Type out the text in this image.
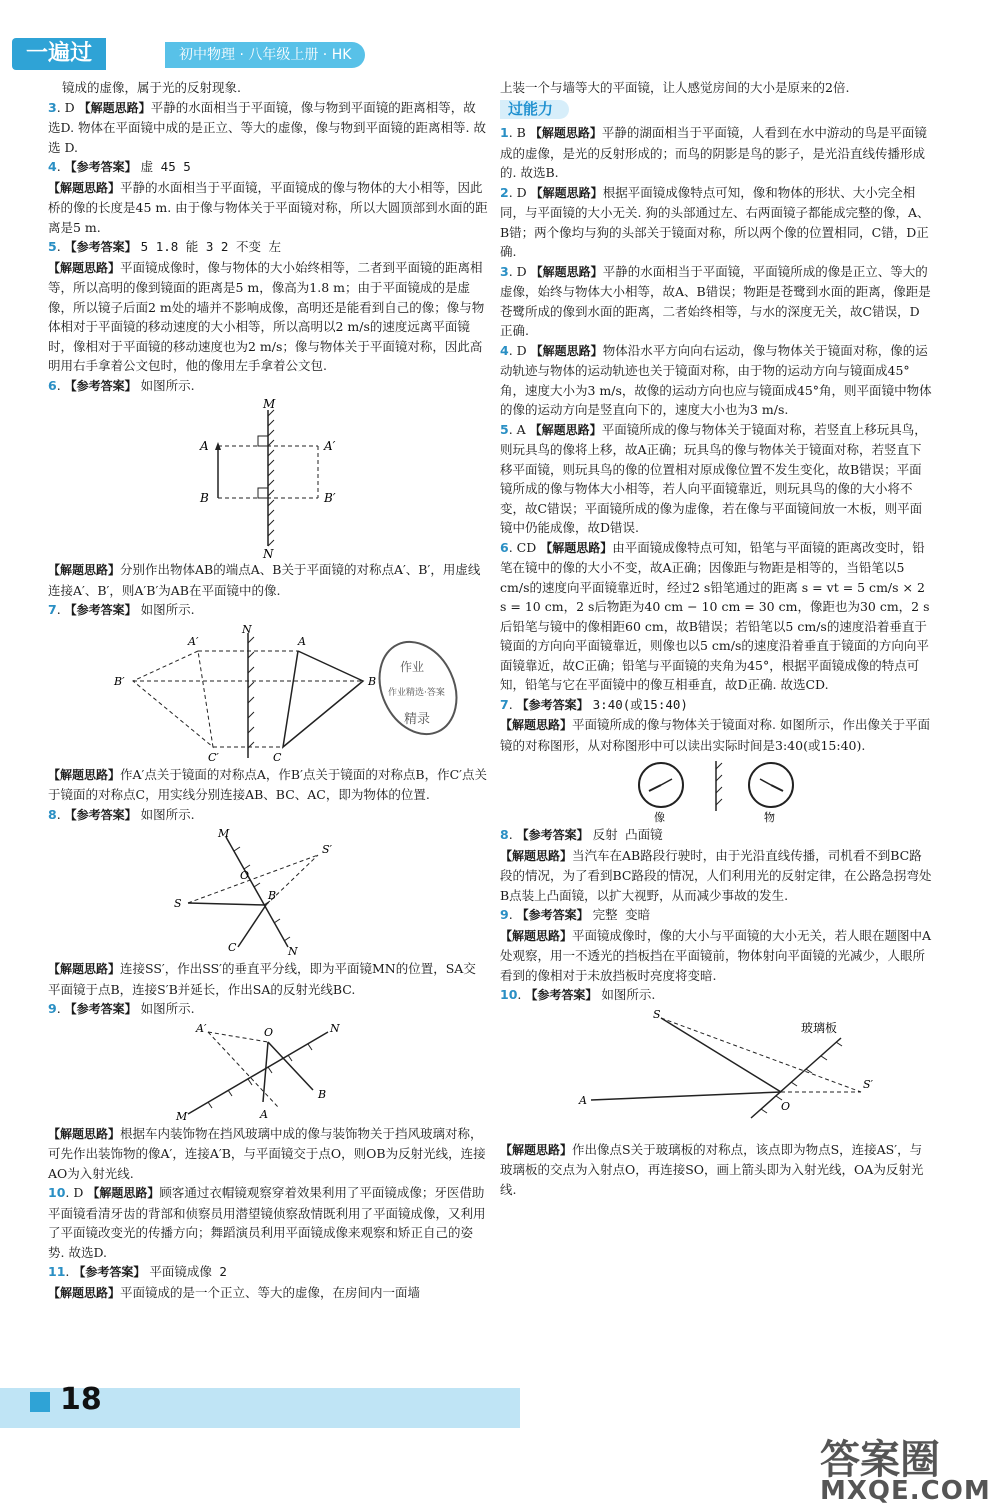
一遍过	初中物理 · 八年级上册 · HK

镜成的虚像，属于光的反射现象.

3. D 【解题思路】平静的水面相当于平面镜，像与物到平面镜的距离相等，故选D. 物体在平面镜中成的是正立、等大的虚像，像与物到平面镜的距离相等. 故选 D.

4. 【参考答案】 虚 45 5

【解题思路】平静的水面相当于平面镜，平面镜成的像与物体的大小相等，因此桥的像的长度是45 m. 由于像与物体关于平面镜对称，所以大圆顶部到水面的距离是5 m.

5. 【参考答案】 5 1.8 能 3 2 不变 左

【解题思路】平面镜成像时，像与物体的大小始终相等，二者到平面镜的距离相等，所以高明的像到镜面的距离是5 m，像高为1.8 m；由于平面镜成的是虚像，所以镜子后面2 m处的墙并不影响成像，高明还是能看到自己的像；像与物体相对于平面镜的移动速度的大小相等，所以高明以2 m/s的速度远离平面镜时，像相对于平面镜的移动速度也为2 m/s；像与物体关于平面镜对称，因此高明用右手拿着公文包时，他的像用左手拿着公文包.

6. 【参考答案】 如图所示.

M
N
A
B
A′
B′

【解题思路】分别作出物体AB的端点A、B关于平面镜的对称点A′、B′，用虚线连接A′、B′，则A′B′为AB在平面镜中的像.

7. 【参考答案】 如图所示.

A′
B′
C′
A
B
C
N
作业
作业精选·答案
精录

【解题思路】作A′点关于镜面的对称点A，作B′点关于镜面的对称点B，作C′点关于镜面的对称点C，用实线分别连接AB、BC、AC，即为物体的位置.

8. 【参考答案】 如图所示.

M
N
S
S′
O
B
C

【解题思路】连接SS′，作出SS′的垂直平分线，即为平面镜MN的位置，SA交平面镜于点B，连接S′B并延长，作出SA的反射光线BC.

9. 【参考答案】 如图所示.

A′	O
B
A
M
N

【解题思路】根据车内装饰物在挡风玻璃中成的像与装饰物关于挡风玻璃对称，可先作出装饰物的像A′，连接A′B，与平面镜交于点O，则OB为反射光线，连接AO为入射光线.

10. D 【解题思路】顾客通过衣帽镜观察穿着效果利用了平面镜成像；牙医借助平面镜看清牙齿的背部和侦察员用潜望镜侦察敌情既利用了平面镜成像，又利用了平面镜改变光的传播方向；舞蹈演员利用平面镜成像来观察和矫正自己的姿势. 故选D.

11. 【参考答案】 平面镜成像 2

【解题思路】平面镜成的是一个正立、等大的虚像，在房间内一面墙

上装一个与墙等大的平面镜，让人感觉房间的大小是原来的2倍.

过能力

1. B 【解题思路】平静的湖面相当于平面镜，人看到在水中游动的鸟是平面镜成的虚像，是光的反射形成的；而鸟的阴影是鸟的影子，是光沿直线传播形成的. 故选B.

2. D 【解题思路】根据平面镜成像特点可知，像和物体的形状、大小完全相同，与平面镜的大小无关. 狗的头部通过左、右两面镜子都能成完整的像，A、B错；两个像均与狗的头部关于镜面对称，所以两个像的位置相同，C错，D正确.

3. D 【解题思路】平静的水面相当于平面镜，平面镜所成的像是正立、等大的虚像，始终与物体大小相等，故A、B错误；物距是苍鹭到水面的距离，像距是苍鹭所成的像到水面的距离，二者始终相等，与水的深度无关，故C错误，D正确.

4. D 【解题思路】物体沿水平方向向右运动，像与物体关于镜面对称，像的运动轨迹与物体的运动轨迹也关于镜面对称，由于物的运动方向与镜面成45°角，速度大小为3 m/s，故像的运动方向也应与镜面成45°角，则平面镜中物体的像的运动方向是竖直向下的，速度大小也为3 m/s.

5. A 【解题思路】平面镜所成的像与物体关于镜面对称，若竖直上移玩具鸟，则玩具鸟的像将上移，故A正确；玩具鸟的像与物体关于镜面对称，若竖直下移平面镜，则玩具鸟的像的位置相对原成像位置不发生变化，故B错误；平面镜所成的像与物体大小相等，若人向平面镜靠近，则玩具鸟的像的大小将不变，故C错误；平面镜所成的像为虚像，若在像与平面镜间放一木板，则平面镜中仍能成像，故D错误.

6. CD 【解题思路】由平面镜成像特点可知，铅笔与平面镜的距离改变时，铅笔在镜中的像的大小不变，故A正确；因像距与物距是相等的，当铅笔以5 cm/s的速度向平面镜靠近时，经过2 s铅笔通过的距离 s = vt = 5 cm/s × 2 s = 10 cm，2 s后物距为40 cm − 10 cm = 30 cm，像距也为30 cm，2 s后铅笔与镜中的像相距60 cm，故B错误；若铅笔以5 cm/s的速度沿着垂直于镜面的方向向平面镜靠近，则像也以5 cm/s的速度沿着垂直于镜面的方向向平面镜靠近，故C正确；铅笔与平面镜的夹角为45°，根据平面镜成像的特点可知，铅笔与它在平面镜中的像互相垂直，故D正确. 故选CD.

7. 【参考答案】 3:40(或15:40)

【解题思路】平面镜所成的像与物体关于镜面对称. 如图所示，作出像关于平面镜的对称图形，从对称图形中可以读出实际时间是3:40(或15:40).

像	物

8. 【参考答案】 反射 凸面镜

【解题思路】当汽车在AB路段行驶时，由于光沿直线传播，司机看不到BC路段的情况，为了看到BC路段的情况，人们利用光的反射定律，在公路急拐弯处B点装上凸面镜，以扩大视野，从而减少事故的发生.

9. 【参考答案】 完整 变暗

【解题思路】平面镜成像时，像的大小与平面镜的大小无关，若人眼在题图中A处观察，用一不透光的挡板挡在平面镜前，物体射向平面镜的光减少，人眼所看到的像相对于未放挡板时亮度将变暗.

10. 【参考答案】 如图所示.

S
S′
A	O
玻璃板

【解题思路】作出像点S关于玻璃板的对称点，该点即为物点S，连接AS′，与玻璃板的交点为入射点O，再连接SO，画上箭头即为入射光线，OA为反射光线.

18
答案圈
MXQE.COM
